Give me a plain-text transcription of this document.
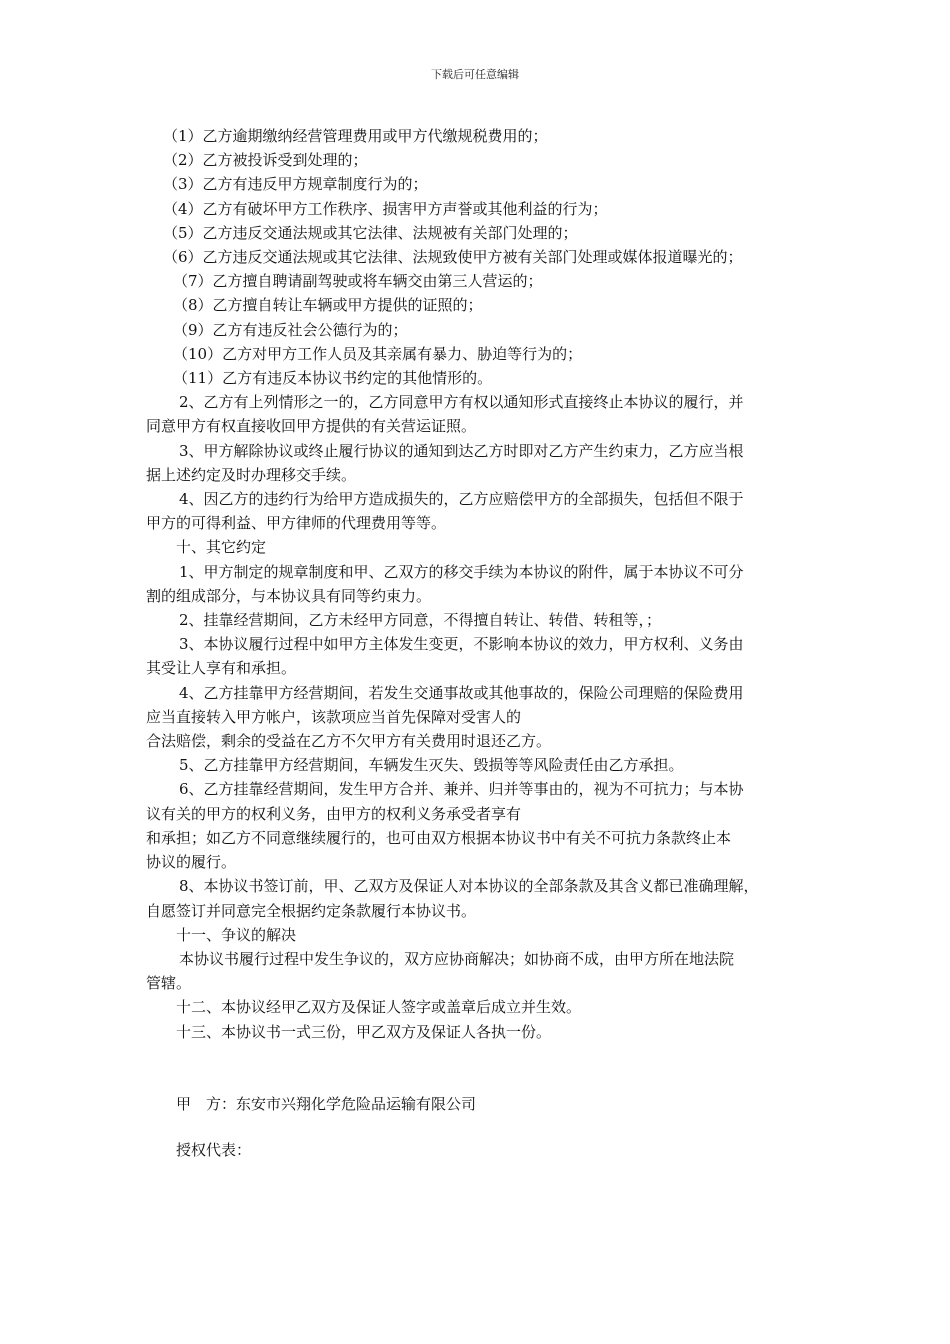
下载后可任意编辑
（1）乙方逾期缴纳经营管理费用或甲方代缴规税费用的；
（2）乙方被投诉受到处理的；
（3）乙方有违反甲方规章制度行为的；
（4）乙方有破坏甲方工作秩序、损害甲方声誉或其他利益的行为；
（5）乙方违反交通法规或其它法律、法规被有关部门处理的；
（6）乙方违反交通法规或其它法律、法规致使甲方被有关部门处理或媒体报道曝光的；
（7）乙方擅自聘请副驾驶或将车辆交由第三人营运的；
（8）乙方擅自转让车辆或甲方提供的证照的；
（9）乙方有违反社会公德行为的；
（10）乙方对甲方工作人员及其亲属有暴力、胁迫等行为的；
（11）乙方有违反本协议书约定的其他情形的。
2、乙方有上列情形之一的，乙方同意甲方有权以通知形式直接终止本协议的履行，并
同意甲方有权直接收回甲方提供的有关营运证照。
3、甲方解除协议或终止履行协议的通知到达乙方时即对乙方产生约束力，乙方应当根
据上述约定及时办理移交手续。
4、因乙方的违约行为给甲方造成损失的，乙方应赔偿甲方的全部损失，包括但不限于
甲方的可得利益、甲方律师的代理费用等等。
十、其它约定
1、甲方制定的规章制度和甲、乙双方的移交手续为本协议的附件，属于本协议不可分
割的组成部分，与本协议具有同等约束力。
2、挂靠经营期间，乙方未经甲方同意，不得擅自转让、转借、转租等，；
3、本协议履行过程中如甲方主体发生变更，不影响本协议的效力，甲方权利、义务由
其受让人享有和承担。
4、乙方挂靠甲方经营期间，若发生交通事故或其他事故的，保险公司理赔的保险费用
应当直接转入甲方帐户，该款项应当首先保障对受害人的
合法赔偿，剩余的受益在乙方不欠甲方有关费用时退还乙方。
5、乙方挂靠甲方经营期间，车辆发生灭失、毁损等等风险责任由乙方承担。
6、乙方挂靠经营期间，发生甲方合并、兼并、归并等事由的，视为不可抗力；与本协
议有关的甲方的权利义务，由甲方的权利义务承受者享有
和承担；如乙方不同意继续履行的，也可由双方根据本协议书中有关不可抗力条款终止本
协议的履行。
8、本协议书签订前，甲、乙双方及保证人对本协议的全部条款及其含义都已准确理解，
自愿签订并同意完全根据约定条款履行本协议书。
十一、争议的解决
本协议书履行过程中发生争议的，双方应协商解决；如协商不成，由甲方所在地法院
管辖。
十二、本协议经甲乙双方及保证人签字或盖章后成立并生效。
十三、本协议书一式三份，甲乙双方及保证人各执一份。
甲　方：东安市兴翔化学危险品运输有限公司
授权代表：
